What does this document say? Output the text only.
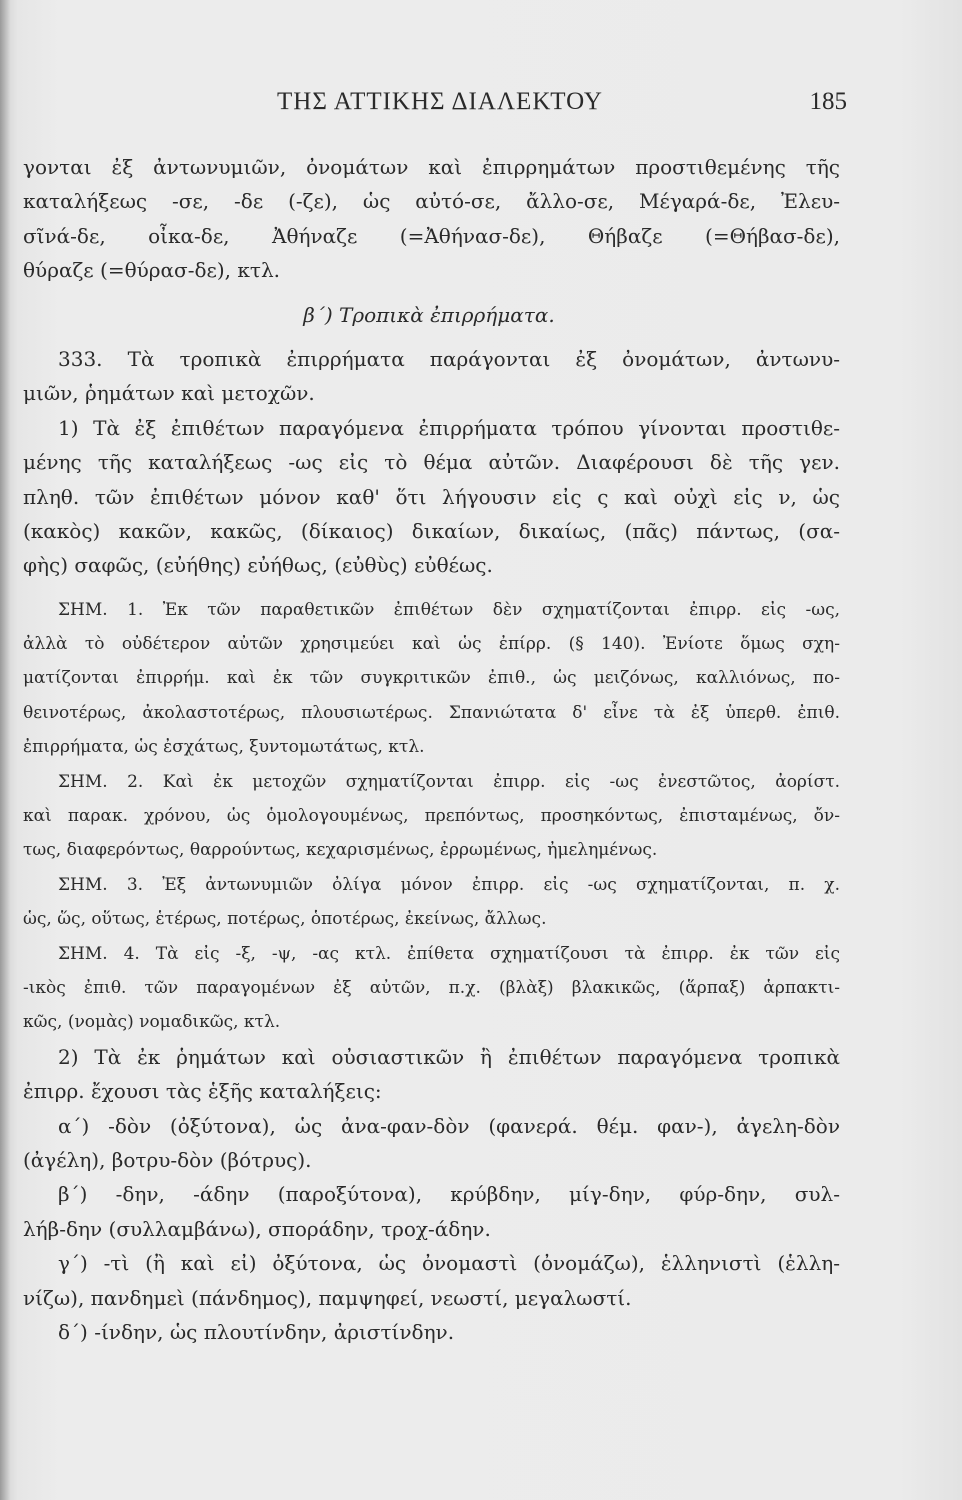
ΤΗΣ ΑΤΤΙΚΗΣ ΔΙΑΛΕΚΤΟΥ	185
γονται ἐξ ἀντωνυμιῶν, ὀνομάτων καὶ ἐπιρρημάτων προστιθεμένης τῆς
καταλήξεως -σε, -δε (-ζε), ὡς αὐτό-σε, ἄλλο-σε, Μέγαρά-δε, Ἐλευ-
σῖνά-δε, οἶκα-δε, Ἀθήναζε (=Ἀθήνασ-δε), Θήβαζε (=Θήβασ-δε),
θύραζε (=θύρασ-δε), κτλ.
β΄) Τροπικὰ ἐπιρρήματα.
333. Τὰ τροπικὰ ἐπιρρήματα παράγονται ἐξ ὀνομάτων, ἀντωνυ-
μιῶν, ῥημάτων καὶ μετοχῶν.
1) Τὰ ἐξ ἐπιθέτων παραγόμενα ἐπιρρήματα τρόπου γίνονται προστιθε-
μένης τῆς καταλήξεως -ως εἰς τὸ θέμα αὐτῶν. Διαφέρουσι δὲ τῆς γεν.
πληθ. τῶν ἐπιθέτων μόνον καθ' ὅτι λήγουσιν εἰς ς καὶ οὐχὶ εἰς ν, ὡς
(κακὸς) κακῶν, κακῶς, (δίκαιος) δικαίων, δικαίως, (πᾶς) πάντως, (σα-
φὴς) σαφῶς, (εὐήθης) εὐήθως, (εὐθὺς) εὐθέως.
ΣΗΜ. 1. Ἐκ τῶν παραθετικῶν ἐπιθέτων δὲν σχηματίζονται ἐπιρρ. εἰς -ως,
ἀλλὰ τὸ οὐδέτερον αὐτῶν χρησιμεύει καὶ ὡς ἐπίρρ. (§ 140). Ἐνίοτε ὅμως σχη-
ματίζονται ἐπιρρήμ. καὶ ἐκ τῶν συγκριτικῶν ἐπιθ., ὡς μειζόνως, καλλιόνως, πο-
θεινοτέρως, ἀκολαστοτέρως, πλουσιωτέρως. Σπανιώτατα δ' εἶνε τὰ ἐξ ὑπερθ. ἐπιθ.
ἐπιρρήματα, ὡς ἐσχάτως, ξυντομωτάτως, κτλ.
ΣΗΜ. 2. Καὶ ἐκ μετοχῶν σχηματίζονται ἐπιρρ. εἰς -ως ἐνεστῶτος, ἀορίστ.
καὶ παρακ. χρόνου, ὡς ὁμολογουμένως, πρεπόντως, προσηκόντως, ἐπισταμένως, ὄν-
τως, διαφερόντως, θαρρούντως, κεχαρισμένως, ἐρρωμένως, ἠμελημένως.
ΣΗΜ. 3. Ἐξ ἀντωνυμιῶν ὀλίγα μόνον ἐπιρρ. εἰς -ως σχηματίζονται, π. χ.
ὡς, ὥς, οὕτως, ἑτέρως, ποτέρως, ὁποτέρως, ἐκείνως, ἄλλως.
ΣΗΜ. 4. Τὰ εἰς -ξ, -ψ, -ας κτλ. ἐπίθετα σχηματίζουσι τὰ ἐπιρρ. ἐκ τῶν εἰς
-ικὸς ἐπιθ. τῶν παραγομένων ἐξ αὐτῶν, π.χ. (βλὰξ) βλακικῶς, (ἅρπαξ) ἁρπακτι-
κῶς, (νομὰς) νομαδικῶς, κτλ.
2) Τὰ ἐκ ῥημάτων καὶ οὐσιαστικῶν ἢ ἐπιθέτων παραγόμενα τροπικὰ
ἐπιρρ. ἔχουσι τὰς ἑξῆς καταλήξεις:
α΄) -δὸν (ὀξύτονα), ὡς ἀνα-φαν-δὸν (φανερά. θέμ. φαν-), ἀγελη-δὸν
(ἀγέλη), βοτρυ-δὸν (βότρυς).
β΄) -δην, -άδην (παροξύτονα), κρύβδην, μίγ-δην, φύρ-δην, συλ-
λήβ-δην (συλλαμβάνω), σποράδην, τροχ-άδην.
γ΄) -τὶ (ἢ καὶ εἰ) ὀξύτονα, ὡς ὀνομαστὶ (ὀνομάζω), ἑλληνιστὶ (ἑλλη-
νίζω), πανδημεὶ (πάνδημος), παμψηφεί, νεωστί, μεγαλωστί.
δ΄) -ίνδην, ὡς πλουτίνδην, ἀριστίνδην.
